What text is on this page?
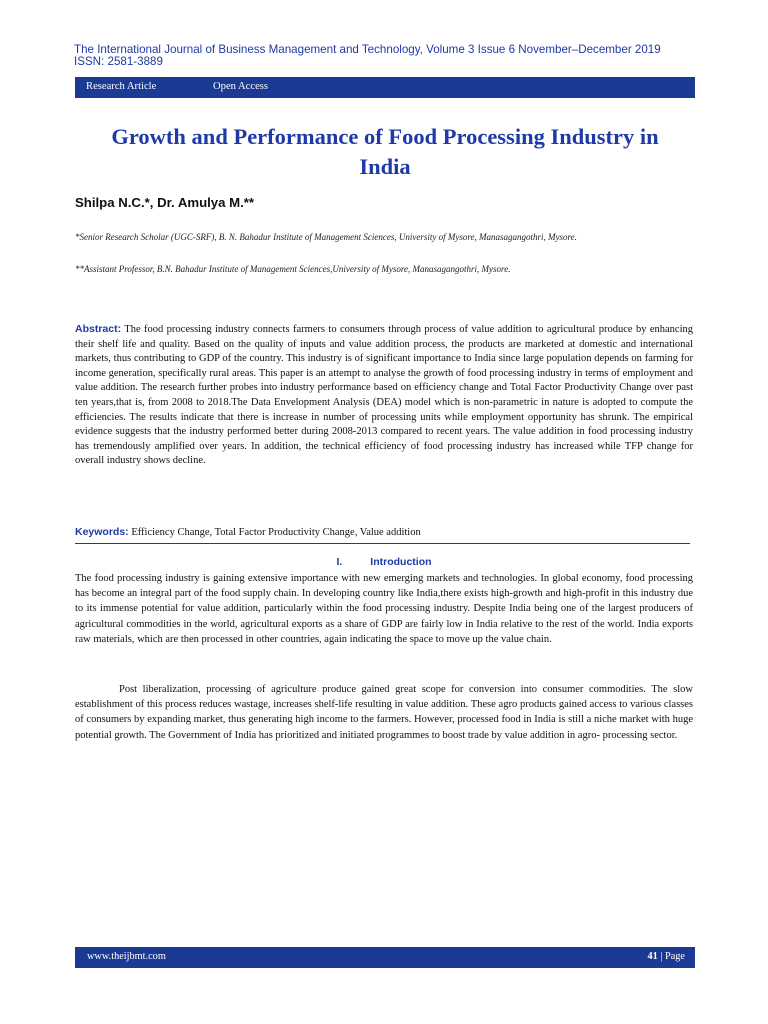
The International Journal of Business Management and Technology, Volume 3 Issue 6 November–December 2019
ISSN: 2581-3889
Research Article	Open Access
Growth and Performance of Food Processing Industry in
India
Shilpa N.C.*, Dr. Amulya M.**
*Senior Research Scholar (UGC-SRF), B. N. Bahadur Institute of Management Sciences, University of Mysore, Manasagangothri, Mysore.
**Assistant Professor, B.N. Bahadur Institute of Management Sciences,University of Mysore, Manasagangothri, Mysore.
Abstract: The food processing industry connects farmers to consumers through process of value addition to agricultural produce by enhancing their shelf life and quality. Based on the quality of inputs and value addition process, the products are marketed at domestic and international markets, thus contributing to GDP of the country. This industry is of significant importance to India since large population depends on farming for income generation, specifically rural areas. This paper is an attempt to analyse the growth of food processing industry in terms of employment and value addition. The research further probes into industry performance based on efficiency change and Total Factor Productivity Change over past ten years,that is, from 2008 to 2018.The Data Envelopment Analysis (DEA) model which is non-parametric in nature is adopted to compute the efficiencies. The results indicate that there is increase in number of processing units while employment opportunity has shrunk. The empirical evidence suggests that the industry performed better during 2008-2013 compared to recent years. The value addition in food processing industry has tremendously amplified over years. In addition, the technical efficiency of food processing industry has increased while TFP change for overall industry shows decline.
Keywords: Efficiency Change, Total Factor Productivity Change, Value addition
I.	Introduction
The food processing industry is gaining extensive importance with new emerging markets and technologies. In global economy, food processing has become an integral part of the food supply chain. In developing country like India,there exists high-growth and high-profit in this industry due to its immense potential for value addition, particularly within the food processing industry. Despite India being one of the largest producers of agricultural commodities in the world, agricultural exports as a share of GDP are fairly low in India relative to the rest of the world. India exports raw materials, which are then processed in other countries, again indicating the space to move up the value chain.
Post liberalization, processing of agriculture produce gained great scope for conversion into consumer commodities. The slow establishment of this process reduces wastage, increases shelf-life resulting in value addition. These agro products gained access to various classes of consumers by expanding market, thus generating high income to the farmers. However, processed food in India is still a niche market with huge potential growth. The Government of India has prioritized and initiated programmes to boost trade by value addition in agro- processing sector.
www.theijbmt.com	41 | Page
